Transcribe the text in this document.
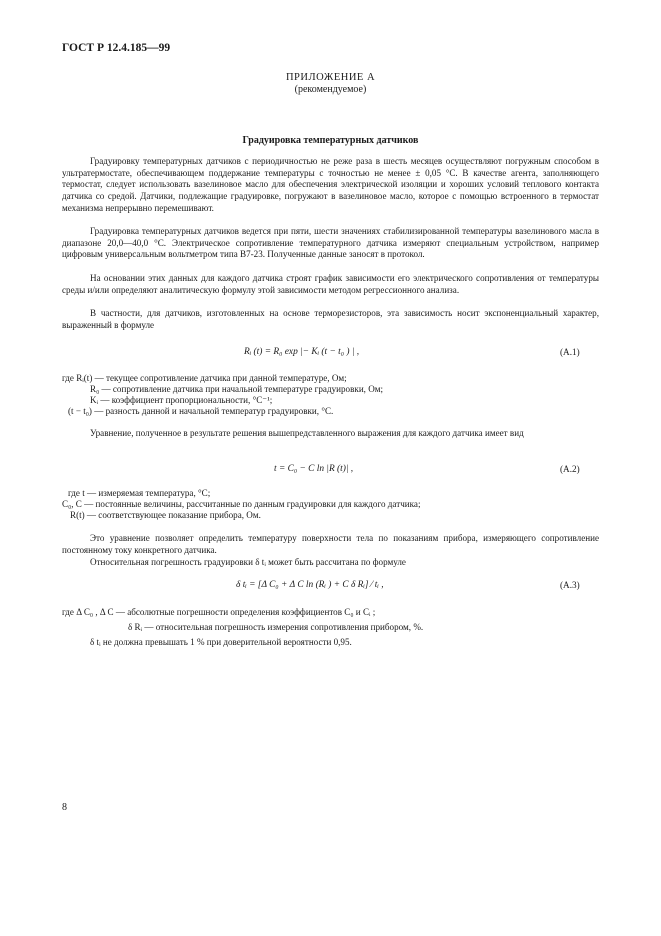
ГОСТ Р 12.4.185—99
ПРИЛОЖЕНИЕ А
(рекомендуемое)
Градуировка температурных датчиков

Градуировку температурных датчиков с периодичностью не реже раза в шесть месяцев осуществляют погружным способом в ультратермостате, обеспечивающем поддержание температуры с точностью не менее ± 0,05 °С. В качестве агента, заполняющего термостат, следует использовать вазелиновое масло для обеспечения электрической изоляции и хороших условий теплового контакта датчика со средой. Датчики, подлежащие градуировке, погружают в вазелиновое масло, которое с помощью встроенного в термостат механизма непрерывно перемешивают.

Градуировка температурных датчиков ведется при пяти, шести значениях стабилизированной температуры вазелинового масла в диапазоне 20,0—40,0 °С. Электрическое сопротивление температурного датчика измеряют специальным устройством, например цифровым универсальным вольтметром типа В7-23. Полученные данные заносят в протокол.

На основании этих данных для каждого датчика строят график зависимости его электрического сопротивления от температуры среды и/или определяют аналитическую формулу этой зависимости методом регрессионного анализа.

В частности, для датчиков, изготовленных на основе терморезисторов, эта зависимость носит экспоненциальный характер, выраженный в формуле

Rᵢ (t) = R₀ exp |− Kᵢ (t − t₀ ) | ,	(А.1)
где Rᵢ(t) — текущее сопротивление датчика при данной температуре, Ом;
R₀ — сопротивление датчика при начальной температуре градуировки, Ом;
Kᵢ — коэффициент пропорциональности, °С⁻¹;
(t − t₀) — разность данной и начальной температур градуировки, °С.

Уравнение, полученное в результате решения вышепредставленного выражения для каждого датчика имеет вид

t = C₀ − C ln |R (t)| ,	(А.2)
где t — измеряемая температура, °С;
C₀, C — постоянные величины, рассчитанные по данным градуировки для каждого датчика;
R(t) — соответствующее показание прибора, Ом.

Это уравнение позволяет определить температуру поверхности тела по показаниям прибора, измеряющего сопротивление постоянному току конкретного датчика.

Относительная погрешность градуировки δ tᵢ может быть рассчитана по формуле

δ tᵢ = [Δ C₀ + Δ C ln (Rᵢ ) + C δ Rᵢ] ⁄ tᵢ ,	(А.3)
где Δ C₀ , Δ C — абсолютные погрешности определения коэффициентов C₀ и Cᵢ ;
δ Rᵢ — относительная погрешность измерения сопротивления прибором, %.
δ tᵢ не должна превышать 1 % при доверительной вероятности 0,95.
8
